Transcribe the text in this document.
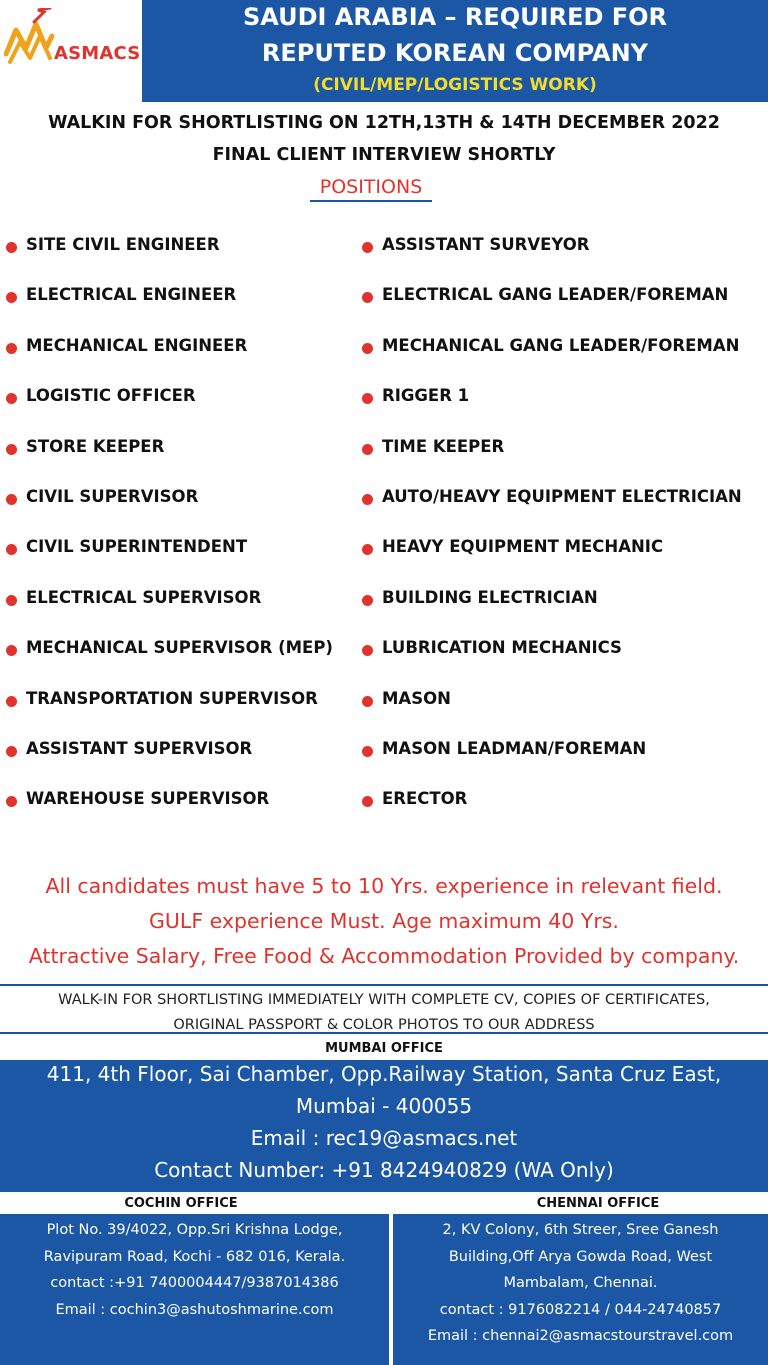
ASMACS
SAUDI ARABIA – REQUIRED FOR
REPUTED KOREAN COMPANY
(CIVIL/MEP/LOGISTICS WORK)
WALKIN FOR SHORTLISTING ON 12TH,13TH & 14TH DECEMBER 2022
FINAL CLIENT INTERVIEW SHORTLY
POSITIONS
SITE CIVIL ENGINEER
ELECTRICAL ENGINEER
MECHANICAL ENGINEER
LOGISTIC OFFICER
STORE KEEPER
CIVIL SUPERVISOR
CIVIL SUPERINTENDENT
ELECTRICAL SUPERVISOR
MECHANICAL SUPERVISOR (MEP)
TRANSPORTATION SUPERVISOR
ASSISTANT SUPERVISOR
WAREHOUSE SUPERVISOR
ASSISTANT SURVEYOR
ELECTRICAL GANG LEADER/FOREMAN
MECHANICAL GANG LEADER/FOREMAN
RIGGER 1
TIME KEEPER
AUTO/HEAVY EQUIPMENT ELECTRICIAN
HEAVY EQUIPMENT MECHANIC
BUILDING ELECTRICIAN
LUBRICATION MECHANICS
MASON
MASON LEADMAN/FOREMAN
ERECTOR
All candidates must have 5 to 10 Yrs. experience in relevant field.
GULF experience Must. Age maximum 40 Yrs.
Attractive Salary, Free Food & Accommodation Provided by company.
WALK-IN FOR SHORTLISTING IMMEDIATELY WITH COMPLETE CV, COPIES OF CERTIFICATES,
ORIGINAL PASSPORT & COLOR PHOTOS TO OUR ADDRESS
MUMBAI OFFICE
411, 4th Floor, Sai Chamber, Opp.Railway Station, Santa Cruz East,
Mumbai - 400055
Email : rec19@asmacs.net
Contact Number: +91 8424940829 (WA Only)
COCHIN OFFICE	CHENNAI OFFICE
Plot No. 39/4022, Opp.Sri Krishna Lodge,
Ravipuram Road, Kochi - 682 016, Kerala.
contact :+91 7400004447/9387014386
Email : cochin3@ashutoshmarine.com
2, KV Colony, 6th Streer, Sree Ganesh
Building,Off Arya Gowda Road, West
Mambalam, Chennai.
contact : 9176082214 / 044-24740857
Email : chennai2@asmacstourstravel.com
